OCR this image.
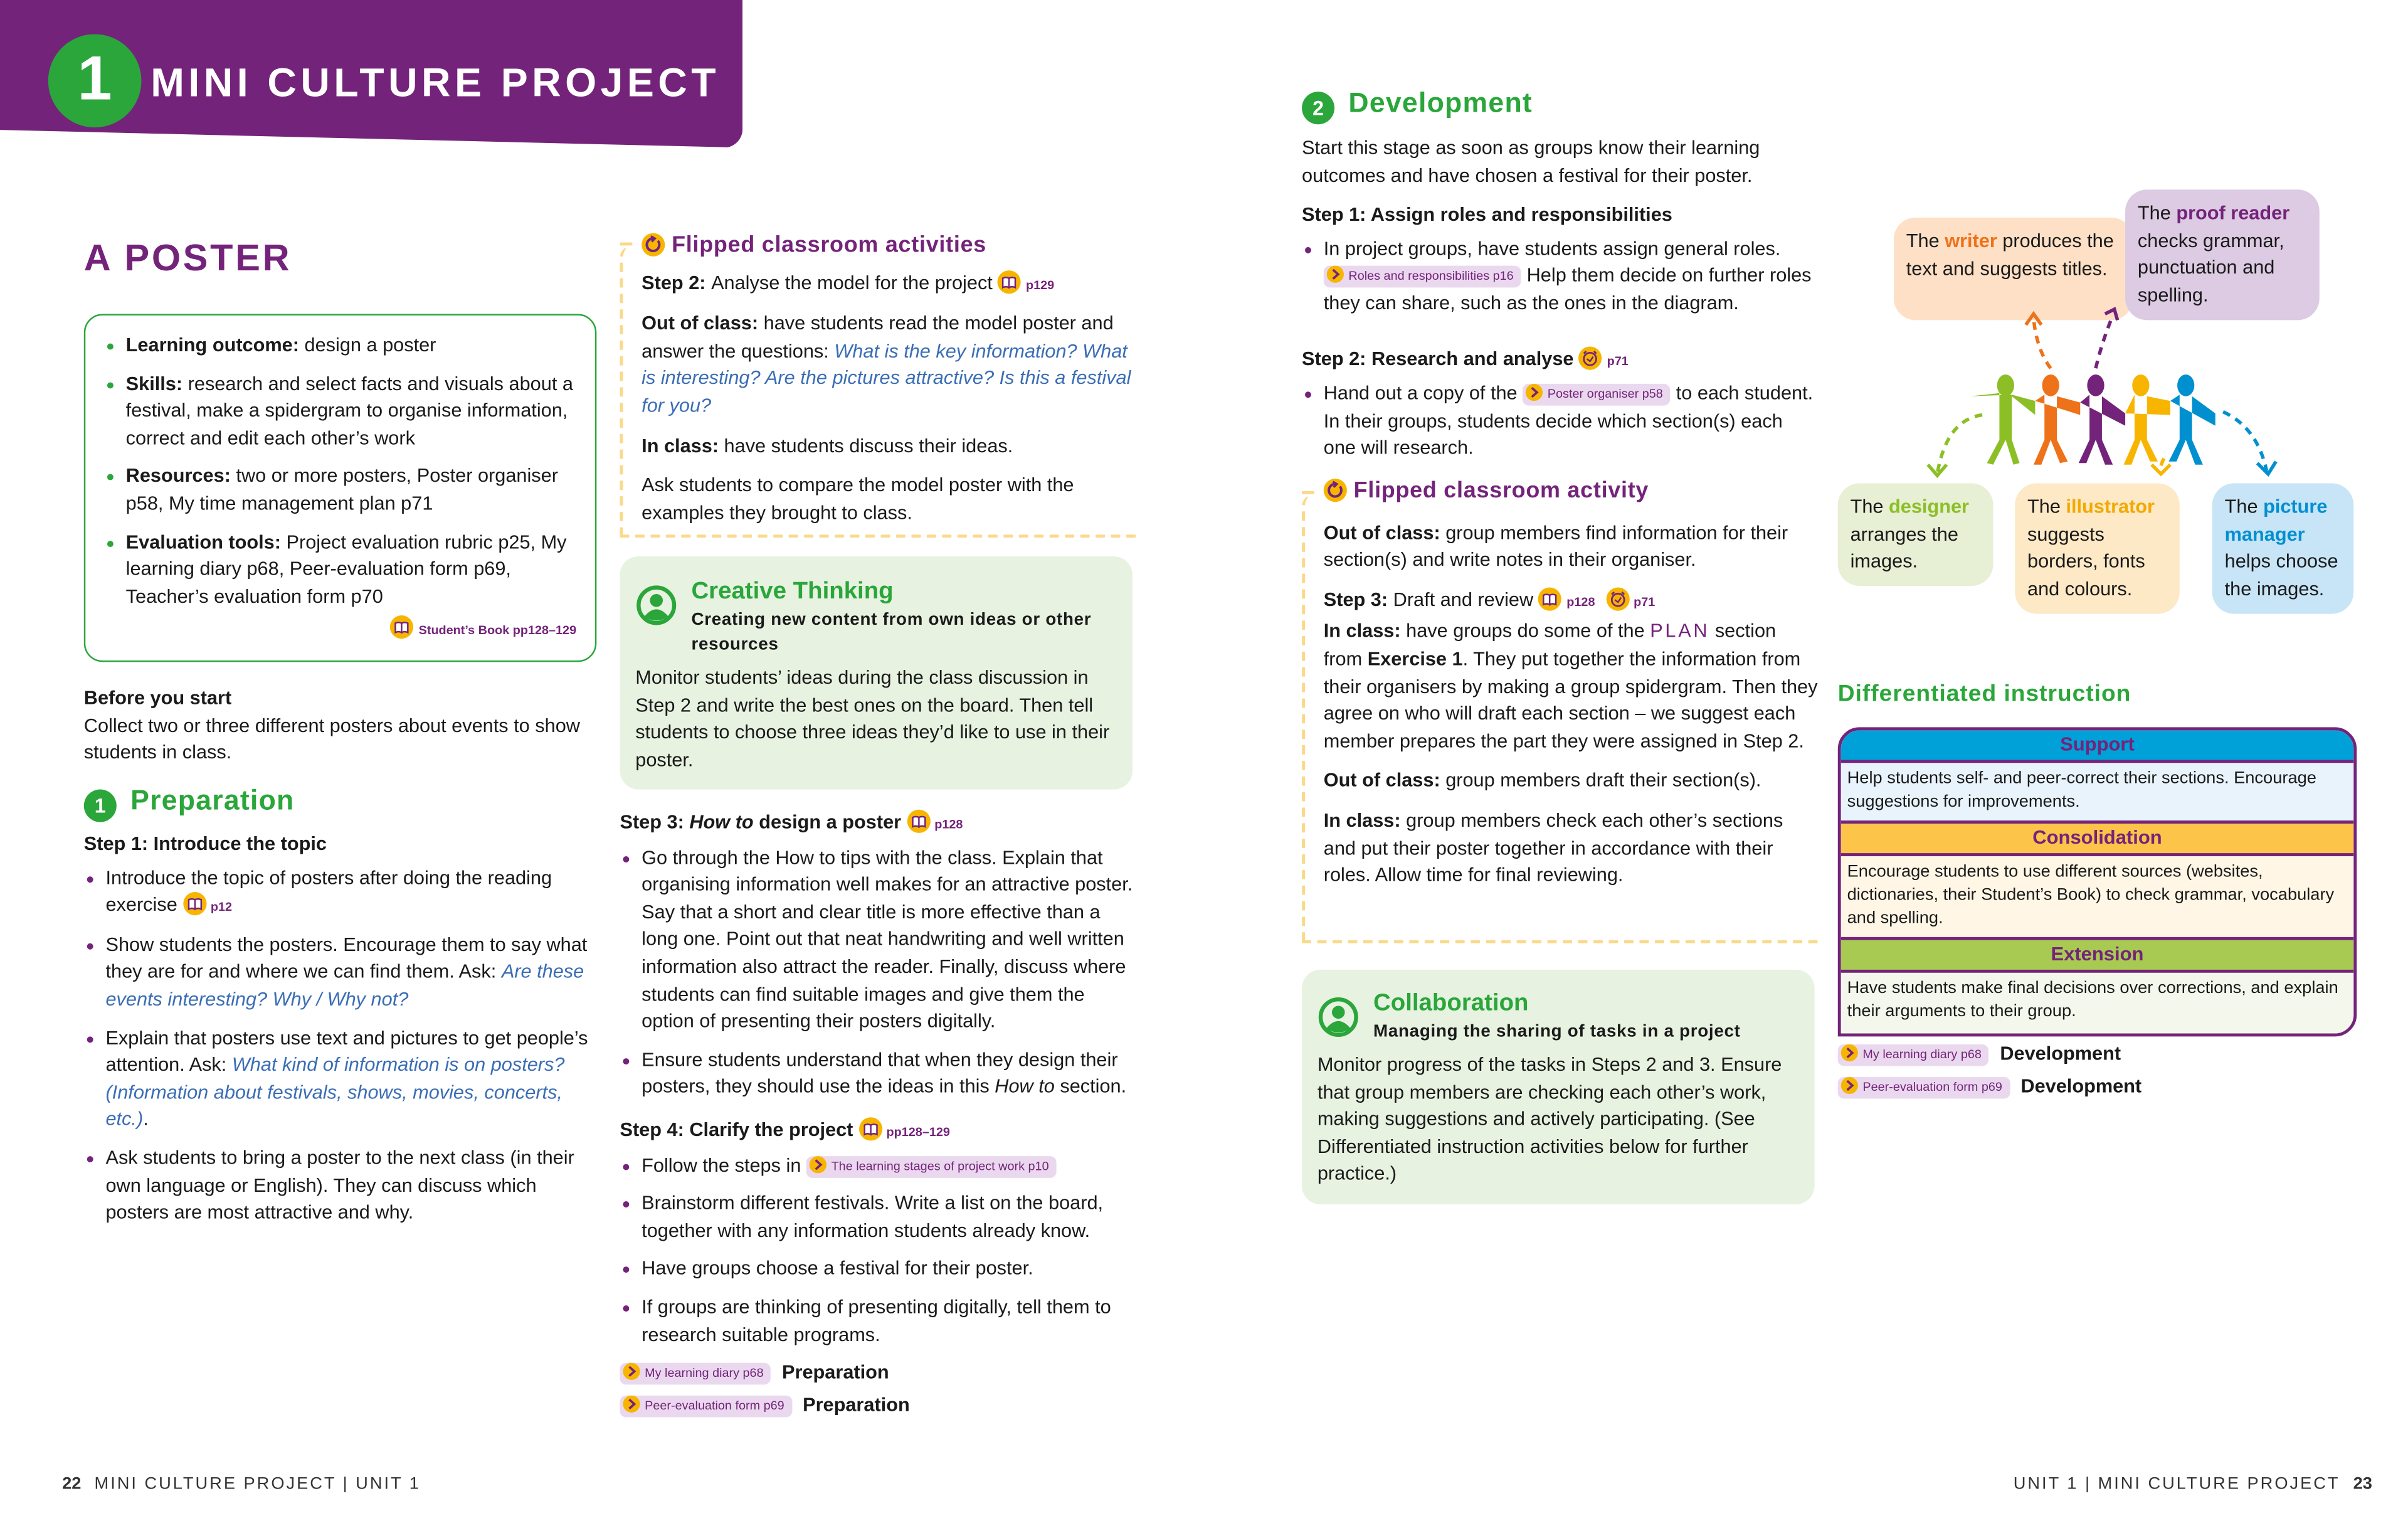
1	MINI CULTURE PROJECT
A POSTER
Learning outcome: design a poster
Skills: research and select facts and visuals about a festival, make a spidergram to organise information, correct and edit each other’s work
Resources: two or more posters, Poster organiser p58, My time management plan p71
Evaluation tools: Project evaluation rubric p25, My learning diary p68, Peer-evaluation form p69, Teacher’s evaluation form p70
Student’s Book pp128–129

Before you start

Collect two or three different posters about events to show students in class.

1	Preparation

Step 1: Introduce the topic

Introduce the topic of posters after doing the reading exercise	p12
Show students the posters. Encourage them to say what they are for and where we can find them. Ask: Are these events interesting? Why / Why not?
Explain that posters use text and pictures to get people’s attention. Ask: What kind of information is on posters? (Information about festivals, shows, movies, concerts, etc.).
Ask students to bring a poster to the next class (in their own language or English). They can discuss which posters are most attractive and why.

Flipped classroom activities

Step 2: Analyse the model for the project	p129

Out of class: have students read the model poster and answer the questions: What is the key information? What is interesting? Are the pictures attractive? Is this a festival for you?

In class: have students discuss their ideas.

Ask students to compare the model poster with the examples they brought to class.

Creative Thinking
Creating new content from own ideas or other resources
Monitor students’ ideas during the class discussion in Step 2 and write the best ones on the board. Then tell students to choose three ideas they’d like to use in their poster.

Step 3: How to design a poster	p128

Go through the How to tips with the class. Explain that organising information well makes for an attractive poster. Say that a short and clear title is more effective than a long one. Point out that neat handwriting and well written information also attract the reader. Finally, discuss where students can find suitable images and give them the option of presenting their posters digitally.
Ensure students understand that when they design their posters, they should use the ideas in this How to section.

Step 4: Clarify the project	pp128–129

Follow the steps in	The learning stages of project work p10
Brainstorm different festivals. Write a list on the board, together with any information students already know.
Have groups choose a festival for their poster.
If groups are thinking of presenting digitally, tell them to research suitable programs.

My learning diary p68 Preparation

Peer-evaluation form p69 Preparation

2	Development

Start this stage as soon as groups know their learning outcomes and have chosen a festival for their poster.

Step 1: Assign roles and responsibilities

In project groups, have students assign general roles.
Roles and responsibilities p16 Help them decide on further roles they can share, such as the ones in the diagram.

Step 2: Research and analyse	p71

Hand out a copy of the	Poster organiser p58 to each student. In their groups, students decide which section(s) each one will research.

Flipped classroom activity

Out of class: group members find information for their section(s) and write notes in their organiser.

Step 3: Draft and review	p128	p71

In class: have groups do some of the PLAN section from Exercise 1. They put together the information from their organisers by making a group spidergram. Then they agree on who will draft each section – we suggest each member prepares the part they were assigned in Step 2.

Out of class: group members draft their section(s).

In class: group members check each other’s sections and put their poster together in accordance with their roles. Allow time for final reviewing.

Collaboration
Managing the sharing of tasks in a project
Monitor progress of the tasks in Steps 2 and 3. Ensure that group members are checking each other’s work, making suggestions and actively participating. (See Differentiated instruction activities below for further practice.)
The writer produces the text and suggests titles.
The proof reader checks grammar, punctuation and spelling.
The designer arranges the images.
The illustrator suggests borders, fonts and colours.
The picture manager helps choose the images.
Differentiated instruction
Support
Help students self- and peer-correct their sections. Encourage suggestions for improvements.
Consolidation
Encourage students to use different sources (websites, dictionaries, their Student’s Book) to check grammar, vocabulary and spelling.
Extension
Have students make final decisions over corrections, and explain their arguments to their group.
My learning diary p68 Development
Peer-evaluation form p69 Development
22 MINI CULTURE PROJECT | UNIT 1	UNIT 1 | MINI CULTURE PROJECT 23
